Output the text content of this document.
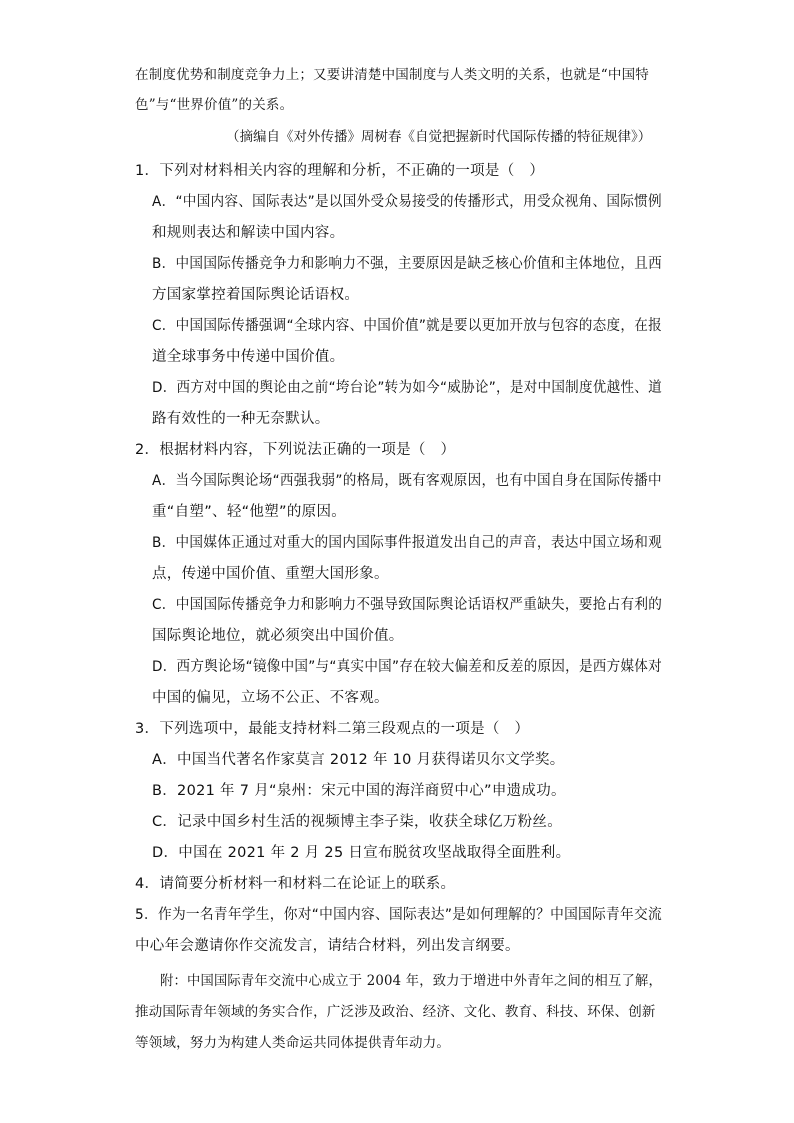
在制度优势和制度竞争力上；又要讲清楚中国制度与人类文明的关系，也就是“中国特
色”与“世界价值”的关系。
（摘编自《对外传播》周树春《自觉把握新时代国际传播的特征规律》）
1．下列对材料相关内容的理解和分析，不正确的一项是（　）
A．“中国内容、国际表达”是以国外受众易接受的传播形式，用受众视角、国际惯例
和规则表达和解读中国内容。
B．中国国际传播竞争力和影响力不强，主要原因是缺乏核心价值和主体地位，且西
方国家掌控着国际舆论话语权。
C．中国国际传播强调“全球内容、中国价值”就是要以更加开放与包容的态度，在报
道全球事务中传递中国价值。
D．西方对中国的舆论由之前“垮台论”转为如今“威胁论”，是对中国制度优越性、道
路有效性的一种无奈默认。
2．根据材料内容，下列说法正确的一项是（　）
A．当今国际舆论场“西强我弱”的格局，既有客观原因，也有中国自身在国际传播中
重“自塑”、轻“他塑”的原因。
B．中国媒体正通过对重大的国内国际事件报道发出自己的声音，表达中国立场和观
点，传递中国价值、重塑大国形象。
C．中国国际传播竞争力和影响力不强导致国际舆论话语权严重缺失，要抢占有利的
国际舆论地位，就必须突出中国价值。
D．西方舆论场“镜像中国”与“真实中国”存在较大偏差和反差的原因，是西方媒体对
中国的偏见，立场不公正、不客观。
3．下列选项中，最能支持材料二第三段观点的一项是（　）
A．中国当代著名作家莫言 2012 年 10 月获得诺贝尔文学奖。
B．2021 年 7 月“泉州：宋元中国的海洋商贸中心”申遗成功。
C．记录中国乡村生活的视频博主李子柒，收获全球亿万粉丝。
D．中国在 2021 年 2 月 25 日宣布脱贫攻坚战取得全面胜利。
4．请简要分析材料一和材料二在论证上的联系。
5．作为一名青年学生，你对“中国内容、国际表达”是如何理解的？中国国际青年交流
中心年会邀请你作交流发言，请结合材料，列出发言纲要。
附：中国国际青年交流中心成立于 2004 年，致力于增进中外青年之间的相互了解，
推动国际青年领域的务实合作，广泛涉及政治、经济、文化、教育、科技、环保、创新
等领域，努力为构建人类命运共同体提供青年动力。
